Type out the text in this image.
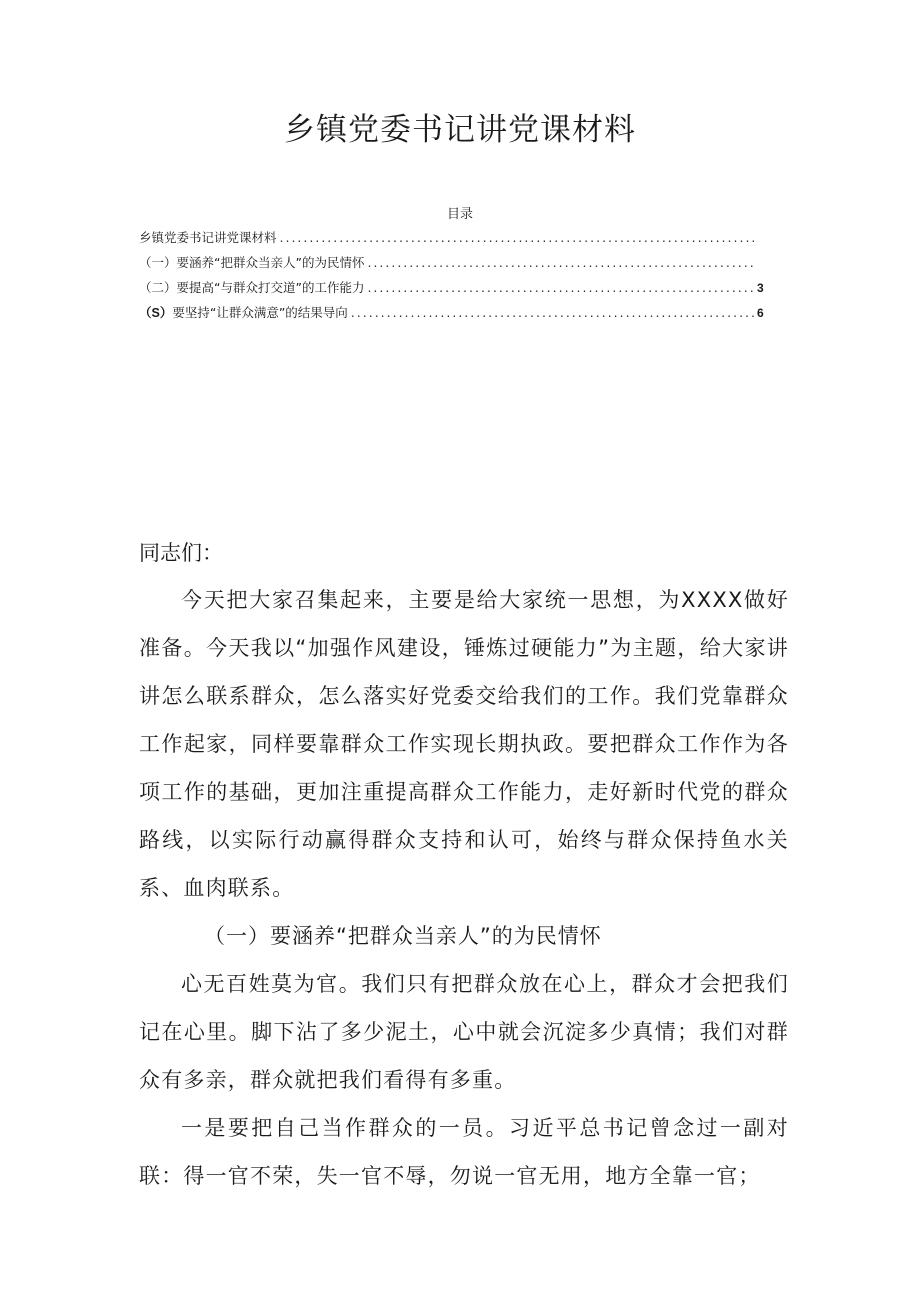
乡镇党委书记讲党课材料
目录
乡镇党委书记讲党课材料
.....
（一）要涵养“把群众当亲人”的为民情怀
.....
（二）要提高“与群众打交道”的工作能力 .....	3
（S）要坚持“让群众满意”的结果导向 .....	6
同志们：

今天把大家召集起来，主要是给大家统一思想，为XXXX做好准备。今天我以“加强作风建设，锤炼过硬能力”为主题，给大家讲讲怎么联系群众，怎么落实好党委交给我们的工作。我们党靠群众工作起家，同样要靠群众工作实现长期执政。要把群众工作作为各项工作的基础，更加注重提高群众工作能力，走好新时代党的群众路线，以实际行动赢得群众支持和认可，始终与群众保持鱼水关系、血肉联系。

（一）要涵养“把群众当亲人”的为民情怀

心无百姓莫为官。我们只有把群众放在心上，群众才会把我们记在心里。脚下沾了多少泥土，心中就会沉淀多少真情；我们对群众有多亲，群众就把我们看得有多重。

一是要把自己当作群众的一员。习近平总书记曾念过一副对联：得一官不荣，失一官不辱，勿说一官无用，地方全靠一官；
